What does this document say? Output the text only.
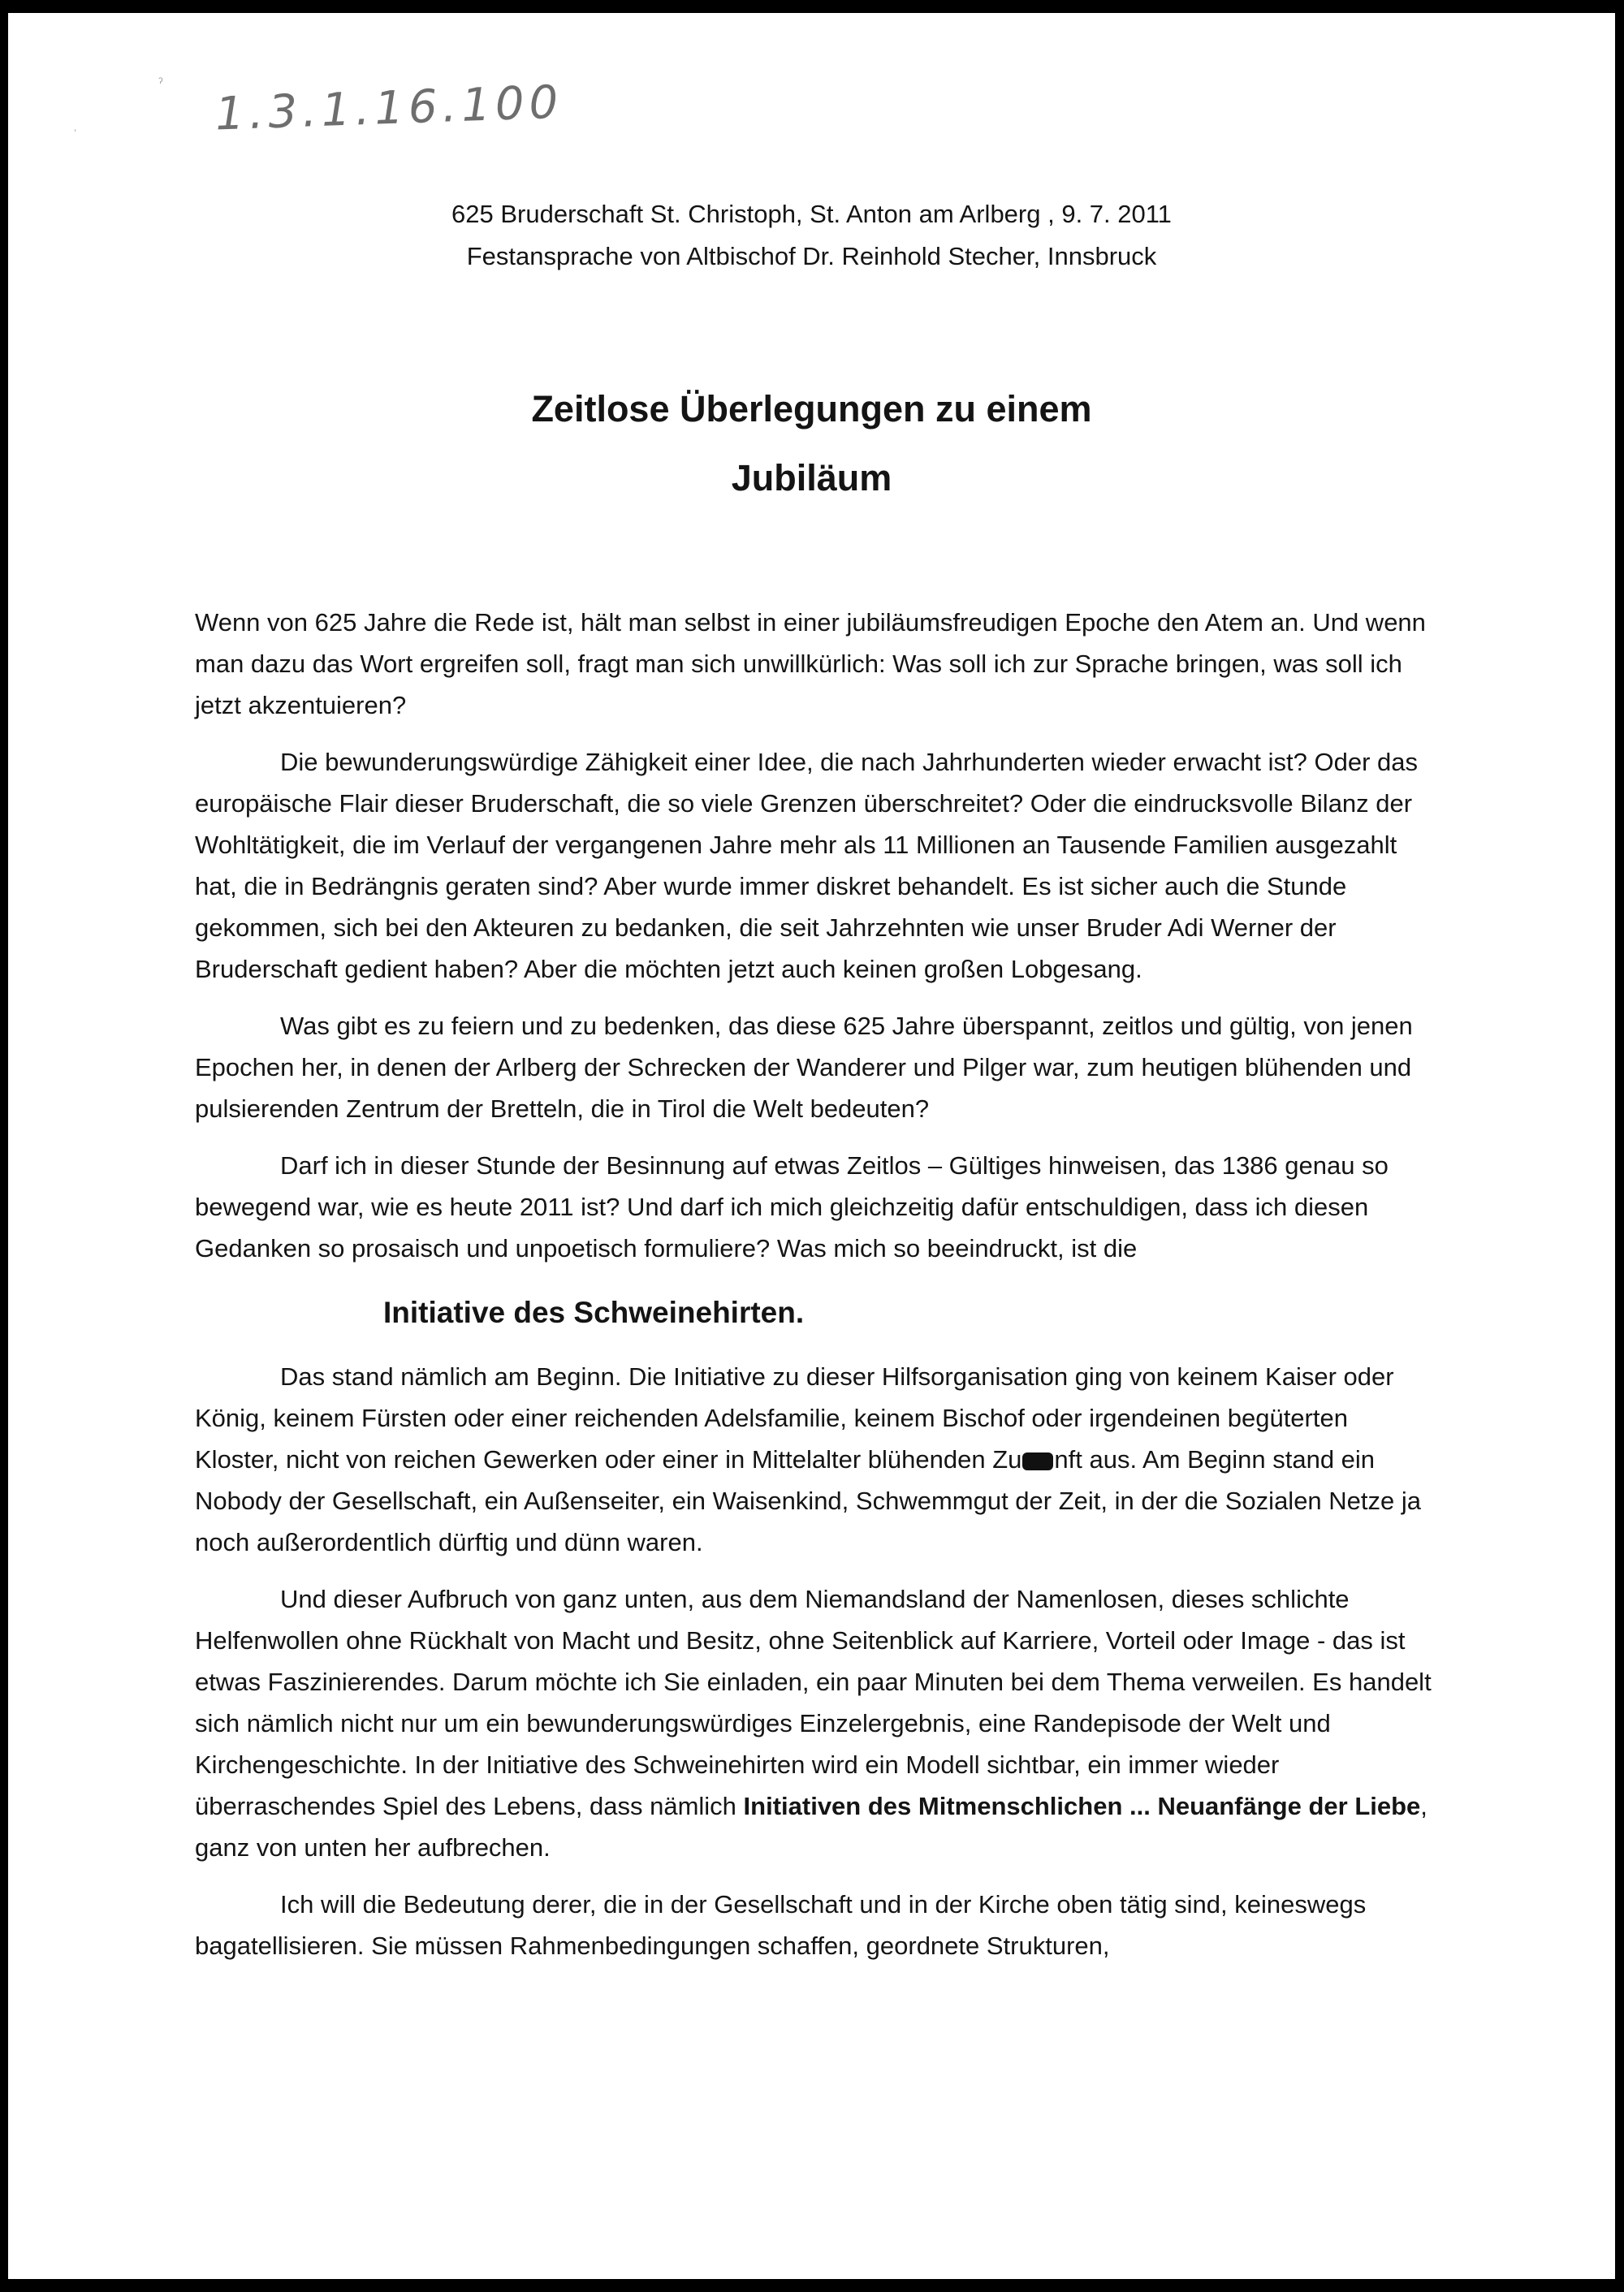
ˀ
ˌ	1.3.1.16.100
625 Bruderschaft St. Christoph, St. Anton am Arlberg , 9. 7. 2011
Festansprache von Altbischof Dr. Reinhold Stecher, Innsbruck
Zeitlose Überlegungen zu einem
Jubiläum

Wenn von 625 Jahre die Rede ist, hält man selbst in einer jubiläumsfreudigen Epoche den Atem an. Und wenn man dazu das Wort ergreifen soll, fragt man sich unwillkürlich: Was soll ich zur Sprache bringen, was soll ich jetzt akzentuieren?

Die bewunderungswürdige Zähigkeit einer Idee, die nach Jahrhunderten wieder erwacht ist? Oder das europäische Flair dieser Bruderschaft, die so viele Grenzen überschreitet? Oder die eindrucksvolle Bilanz der Wohltätigkeit, die im Verlauf der vergangenen Jahre mehr als 11 Millionen an Tausende Familien ausgezahlt hat, die in Bedrängnis geraten sind? Aber wurde immer diskret behandelt. Es ist sicher auch die Stunde gekommen, sich bei den Akteuren zu bedanken, die seit Jahrzehnten wie unser Bruder Adi Werner der Bruderschaft gedient haben? Aber die möchten jetzt auch keinen großen Lobgesang.

Was gibt es zu feiern und zu bedenken, das diese 625 Jahre überspannt, zeitlos und gültig, von jenen Epochen her, in denen der Arlberg der Schrecken der Wanderer und Pilger war, zum heutigen blühenden und pulsierenden Zentrum der Bretteln, die in Tirol die Welt bedeuten?

Darf ich in dieser Stunde der Besinnung auf etwas Zeitlos – Gültiges hinweisen, das 1386 genau so bewegend war, wie es heute 2011 ist? Und darf ich mich gleichzeitig dafür entschuldigen, dass ich diesen Gedanken so prosaisch und unpoetisch formuliere? Was mich so beeindruckt, ist die

Initiative des Schweinehirten.

Das stand nämlich am Beginn. Die Initiative zu dieser Hilfsorganisation ging von keinem Kaiser oder König, keinem Fürsten oder einer reichenden Adelsfamilie, keinem Bischof oder irgendeinen begüterten Kloster, nicht von reichen Gewerken oder einer in Mittelalter blühenden Zu nft aus. Am Beginn stand ein Nobody der Gesellschaft, ein Außenseiter, ein Waisenkind, Schwemmgut der Zeit, in der die Sozialen Netze ja noch außerordentlich dürftig und dünn waren.

Und dieser Aufbruch von ganz unten, aus dem Niemandsland der Namenlosen, dieses schlichte Helfenwollen ohne Rückhalt von Macht und Besitz, ohne Seitenblick auf Karriere, Vorteil oder Image - das ist etwas Faszinierendes. Darum möchte ich Sie einladen, ein paar Minuten bei dem Thema verweilen. Es handelt sich nämlich nicht nur um ein bewunderungswürdiges Einzelergebnis, eine Randepisode der Welt und Kirchengeschichte. In der Initiative des Schweinehirten wird ein Modell sichtbar, ein immer wieder überraschendes Spiel des Lebens, dass nämlich Initiativen des Mitmenschlichen ... Neuanfänge der Liebe, ganz von unten her aufbrechen.

Ich will die Bedeutung derer, die in der Gesellschaft und in der Kirche oben tätig sind, keineswegs bagatellisieren. Sie müssen Rahmenbedingungen schaffen, geordnete Strukturen,
